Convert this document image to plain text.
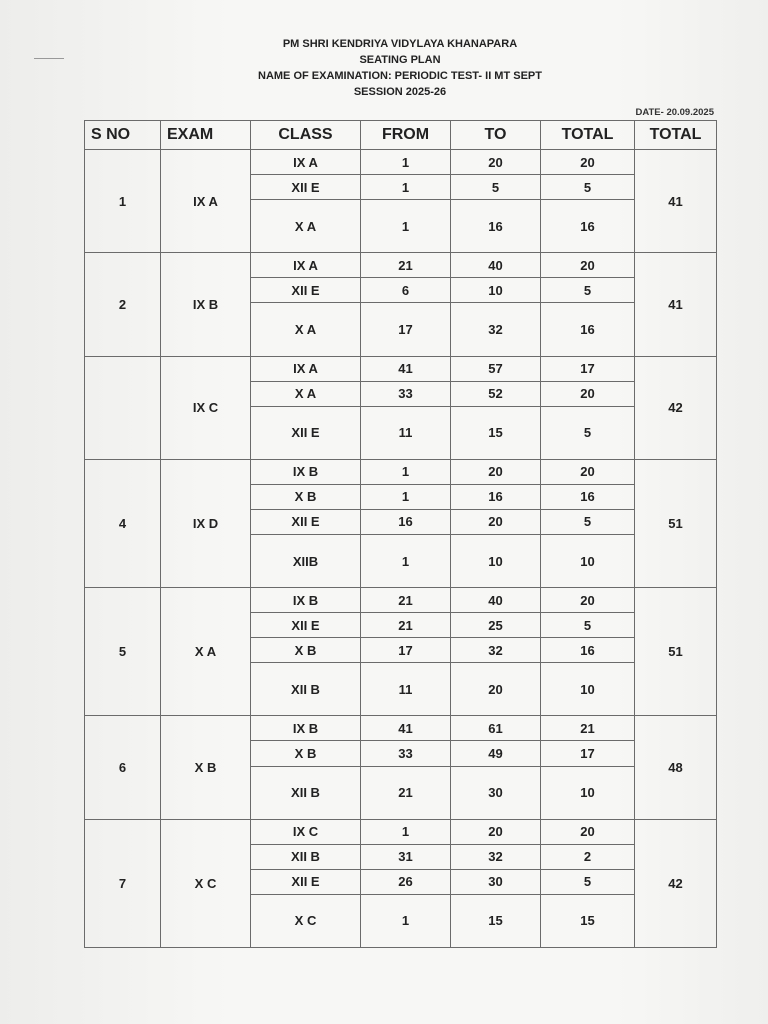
PM SHRI KENDRIYA VIDYLAYA KHANAPARA
SEATING PLAN
NAME OF EXAMINATION: PERIODIC TEST- II MT SEPT
SESSION 2025-26
DATE- 20.09.2025
S NO	EXAM	CLASS	FROM	TO	TOTAL	TOTAL
1	IX A	IX A	1	20	20	41
		XII E	1	5	5	
		X A	1	16	16	
2	IX B	IX A	21	40	20	41
		XII E	6	10	5	
		X A	17	32	16	
	IX C	IX A	41	57	17	42
		X A	33	52	20	
		XII E	11	15	5	
4	IX D	IX B	1	20	20	51
		X B	1	16	16	
		XII E	16	20	5	
		XIIB	1	10	10	
5	X A	IX B	21	40	20	51
		XII E	21	25	5	
		X B	17	32	16	
		XII B	11	20	10	
6	X B	IX B	41	61	21	48
		X B	33	49	17	
		XII B	21	30	10	
7	X C	IX C	1	20	20	42
		XII B	31	32	2	
		XII E	26	30	5	
		X C	1	15	15	
